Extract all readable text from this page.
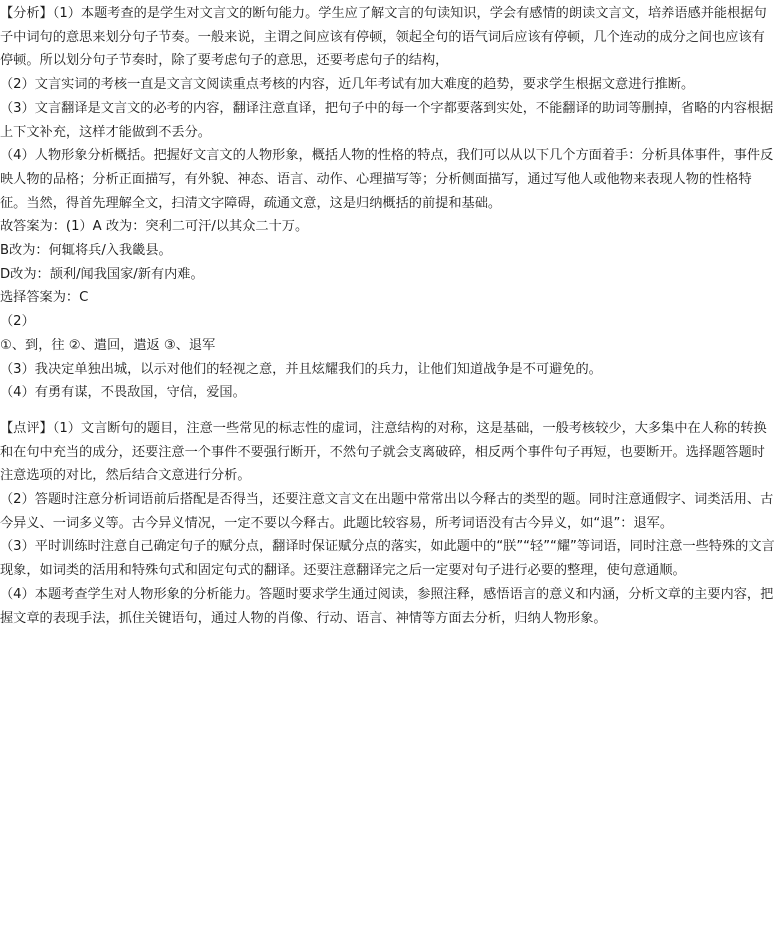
【分析】（1）本题考查的是学生对文言文的断句能力。学生应了解文言的句读知识，学会有感情的朗读文言文，培养语感并能根据句子中词句的意思来划分句子节奏。一般来说，主谓之间应该有停顿，领起全句的语气词后应该有停顿，几个连动的成分之间也应该有停顿。所以划分句子节奏时，除了要考虑句子的意思，还要考虑句子的结构，

（2）文言实词的考核一直是文言文阅读重点考核的内容，近几年考试有加大难度的趋势，要求学生根据文意进行推断。

（3）文言翻译是文言文的必考的内容，翻译注意直译，把句子中的每一个字都要落到实处，不能翻译的助词等删掉，省略的内容根据上下文补充，这样才能做到不丢分。

（4）人物形象分析概括。把握好文言文的人物形象，概括人物的性格的特点，我们可以从以下几个方面着手：分析具体事件，事件反映人物的品格；分析正面描写，有外貌、神态、语言、动作、心理描写等；分析侧面描写，通过写他人或他物来表现人物的性格特征。当然，得首先理解全文，扫清文字障碍，疏通文意，这是归纳概括的前提和基础。

故答案为：(1）A 改为：突利二可汗/以其众二十万。

B改为：何辄将兵/入我畿县。

D改为：颉利/闻我国家/新有内难。

选择答案为：C

（2）

①、到，往 ②、遣回，遣返 ③、退军

（3）我决定单独出城，以示对他们的轻视之意，并且炫耀我们的兵力，让他们知道战争是不可避免的。

（4）有勇有谋，不畏敌国，守信，爱国。

【点评】（1）文言断句的题目，注意一些常见的标志性的虚词，注意结构的对称，这是基础，一般考核较少，大多集中在人称的转换和在句中充当的成分，还要注意一个事件不要强行断开，不然句子就会支离破碎，相反两个事件句子再短，也要断开。选择题答题时注意选项的对比，然后结合文意进行分析。

（2）答题时注意分析词语前后搭配是否得当，还要注意文言文在出题中常常出以今释古的类型的题。同时注意通假字、词类活用、古今异义、一词多义等。古今异义情况，一定不要以今释古。此题比较容易，所考词语没有古今异义，如“退”：退军。

（3）平时训练时注意自己确定句子的赋分点，翻译时保证赋分点的落实，如此题中的“朕”“轻”“耀”等词语，同时注意一些特殊的文言现象，如词类的活用和特殊句式和固定句式的翻译。还要注意翻译完之后一定要对句子进行必要的整理，使句意通顺。

（4）本题考查学生对人物形象的分析能力。答题时要求学生通过阅读，参照注释，感悟语言的意义和内涵，分析文章的主要内容，把握文章的表现手法，抓住关键语句，通过人物的肖像、行动、语言、神情等方面去分析，归纳人物形象。
